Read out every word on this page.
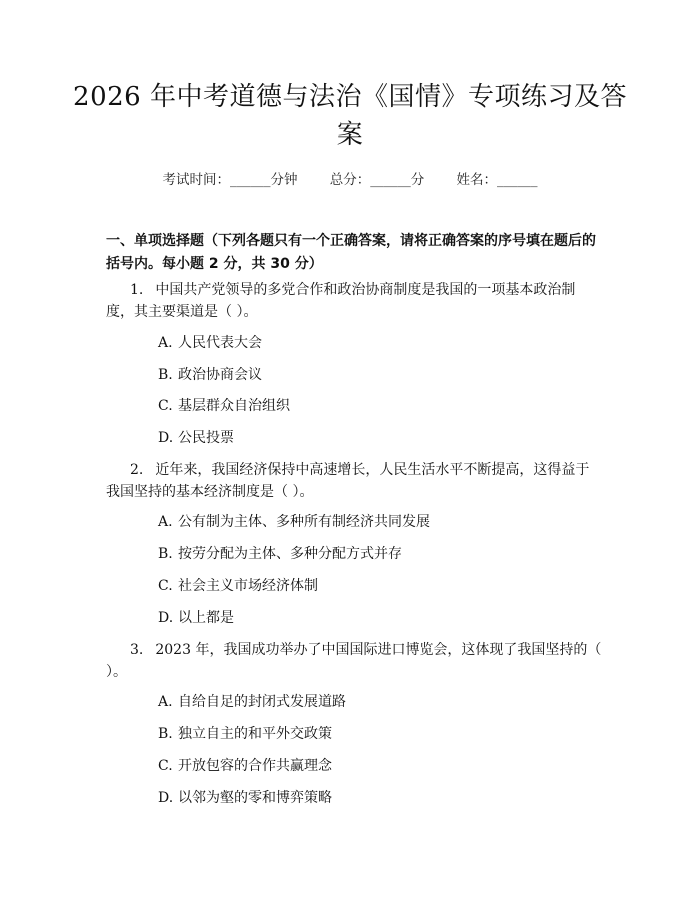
2026 年中考道德与法治《国情》专项练习及答案
考试时间：______分钟 总分：______分 姓名：______
一、单项选择题（下列各题只有一个正确答案，请将正确答案的序号填在题后的括号内。每小题 2 分，共 30 分）
1. 中国共产党领导的多党合作和政治协商制度是我国的一项基本政治制度，其主要渠道是（ ）。
A. 人民代表大会
B. 政治协商会议
C. 基层群众自治组织
D. 公民投票
2. 近年来，我国经济保持中高速增长，人民生活水平不断提高，这得益于我国坚持的基本经济制度是（ ）。
A. 公有制为主体、多种所有制经济共同发展
B. 按劳分配为主体、多种分配方式并存
C. 社会主义市场经济体制
D. 以上都是
3. 2023 年，我国成功举办了中国国际进口博览会，这体现了我国坚持的（ ）。
A. 自给自足的封闭式发展道路
B. 独立自主的和平外交政策
C. 开放包容的合作共赢理念
D. 以邻为壑的零和博弈策略
